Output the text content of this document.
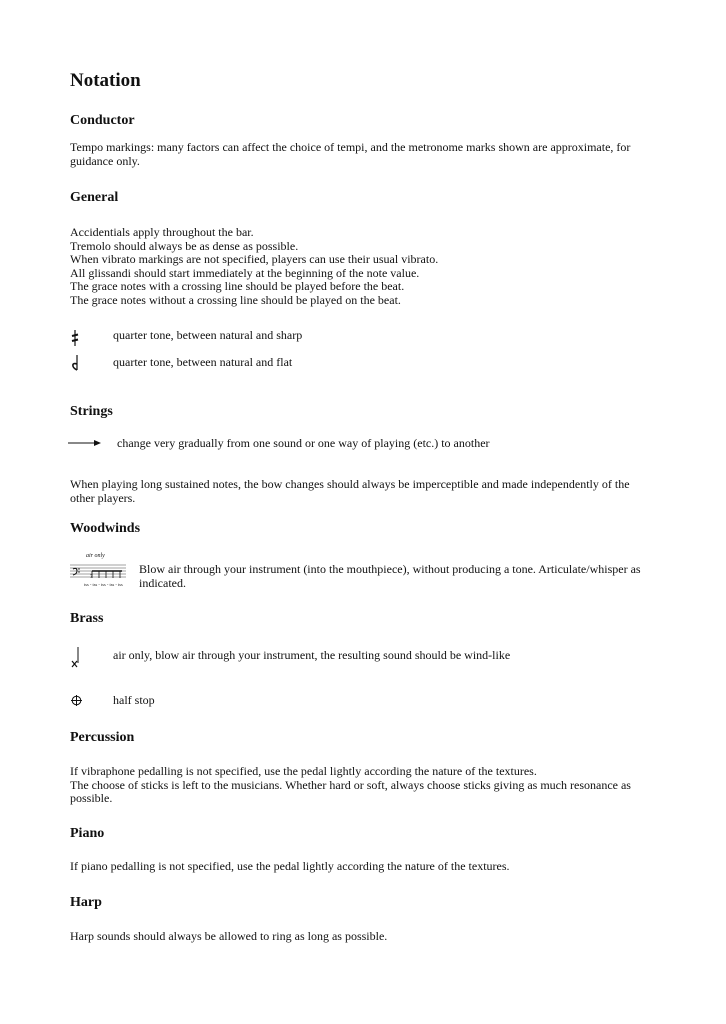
Notation
Conductor
Tempo markings: many factors can affect the choice of tempi, and the metronome marks shown are approximate, for guidance only.
General
Accidentials apply throughout the bar.
Tremolo should always be as dense as possible.
When vibrato markings are not specified, players can use their usual vibrato.
All glissandi should start immediately at the beginning of the note value.
The grace notes with a crossing line should be played before the beat.
The grace notes without a crossing line should be played on the beat.
quarter tone, between natural and sharp
quarter tone, between natural and flat
Strings
change very gradually from one sound or one way of playing (etc.) to another
When playing long sustained notes, the bow changes should always be imperceptible and made independently of the other players.
Woodwinds
7
air only
tss - tss - tss - tss - tss
Blow air through your instrument (into the mouthpiece), without producing a tone. Articulate/whisper as indicated.
Brass
air only, blow air through your instrument, the resulting sound should be wind-like
half stop
Percussion
If vibraphone pedalling is not specified, use the pedal lightly according the nature of the textures.
The choose of sticks is left to the musicians. Whether hard or soft, always choose sticks giving as much resonance as possible.
Piano
If piano pedalling is not specified, use the pedal lightly according the nature of the textures.
Harp
Harp sounds should always be allowed to ring as long as possible.
